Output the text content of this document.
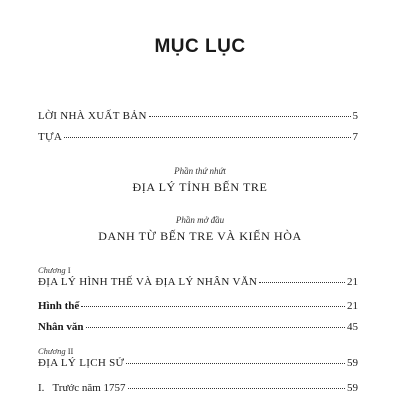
MỤC LỤC
LỜI NHÀ XUẤT BẢN	5
TỰA	7
Phần thứ nhứt
ĐỊA LÝ TỈNH BẾN TRE
Phần mở đầu
DANH TỪ BẾN TRE VÀ KIẾN HÒA
Chương I
ĐỊA LÝ HÌNH THẾ VÀ ĐỊA LÝ NHÂN VĂN	21
Hình thể	21
Nhân văn	45
Chương II
ĐỊA LÝ LỊCH SỬ	59
I.   Trước năm 1757	59
